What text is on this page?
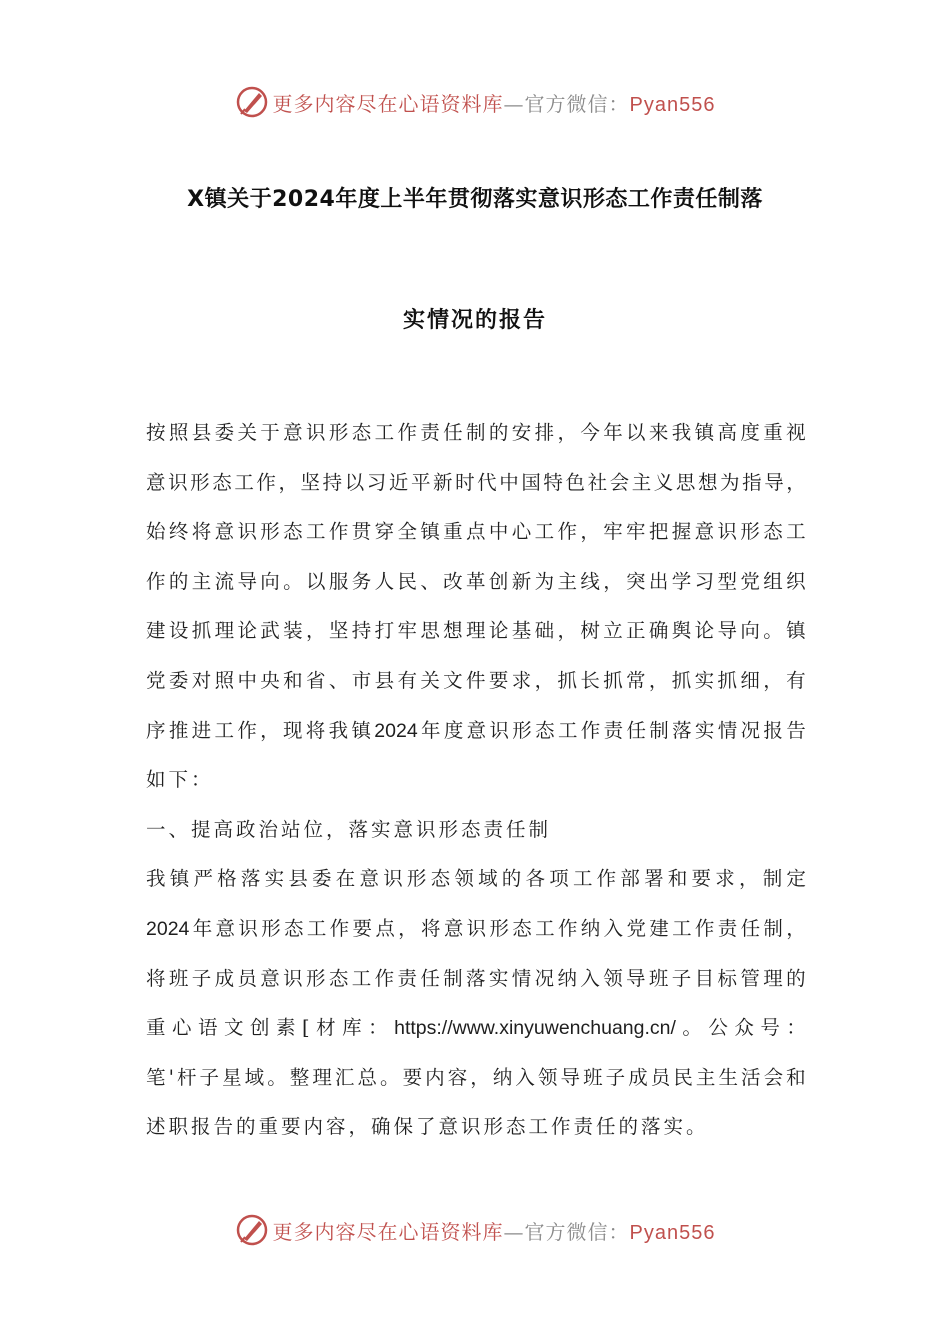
更多内容尽在心语资料库—官方微信：Pyan556
X镇关于2024年度上半年贯彻落实意识形态工作责任制落
实情况的报告
按 照 县 委 关 于 意 识 形 态 工 作 责 任 制 的 安 排 ， 今 年 以 来 我 镇 高 度 重 视
意 识 形 态 工 作 ， 坚 持 以 习 近 平 新 时 代 中 国 特 色 社 会 主 义 思 想 为 指 导 ，
始 终 将 意 识 形 态 工 作 贯 穿 全 镇 重 点 中 心 工 作 ， 牢 牢 把 握 意 识 形 态 工
作 的 主 流 导 向 。 以 服 务 人 民 、 改 革 创 新 为 主 线 ， 突 出 学 习 型 党 组 织
建 设 抓 理 论 武 装 ， 坚 持 打 牢 思 想 理 论 基 础 ， 树 立 正 确 舆 论 导 向 。 镇
党 委 对 照 中 央 和 省 、 市 县 有 关 文 件 要 求 ， 抓 长 抓 常 ， 抓 实 抓 细 ， 有
序 推 进 工 作 ， 现 将 我 镇 2024 年 度 意 识 形 态 工 作 责 任 制 落 实 情 况 报 告
如下：
一、提高政治站位，落实意识形态责任制
我 镇 严 格 落 实 县 委 在 意 识 形 态 领 域 的 各 项 工 作 部 署 和 要 求 ， 制 定
2024 年 意 识 形 态 工 作 要 点 ， 将 意 识 形 态 工 作 纳 入 党 建 工 作 责 任 制 ，
将 班 子 成 员 意 识 形 态 工 作 责 任 制 落 实 情 况 纳 入 领 导 班 子 目 标 管 理 的
重 心 语 文 创 素 [ 材 库 ： https://www.xinyuwenchuang.cn/ 。 公 众 号 ：
笔 ' 杆 子 星 域 。 整 理 汇 总 。 要 内 容 ， 纳 入 领 导 班 子 成 员 民 主 生 活 会 和
述职报告的重要内容，确保了意识形态工作责任的落实。
更多内容尽在心语资料库—官方微信：Pyan556
